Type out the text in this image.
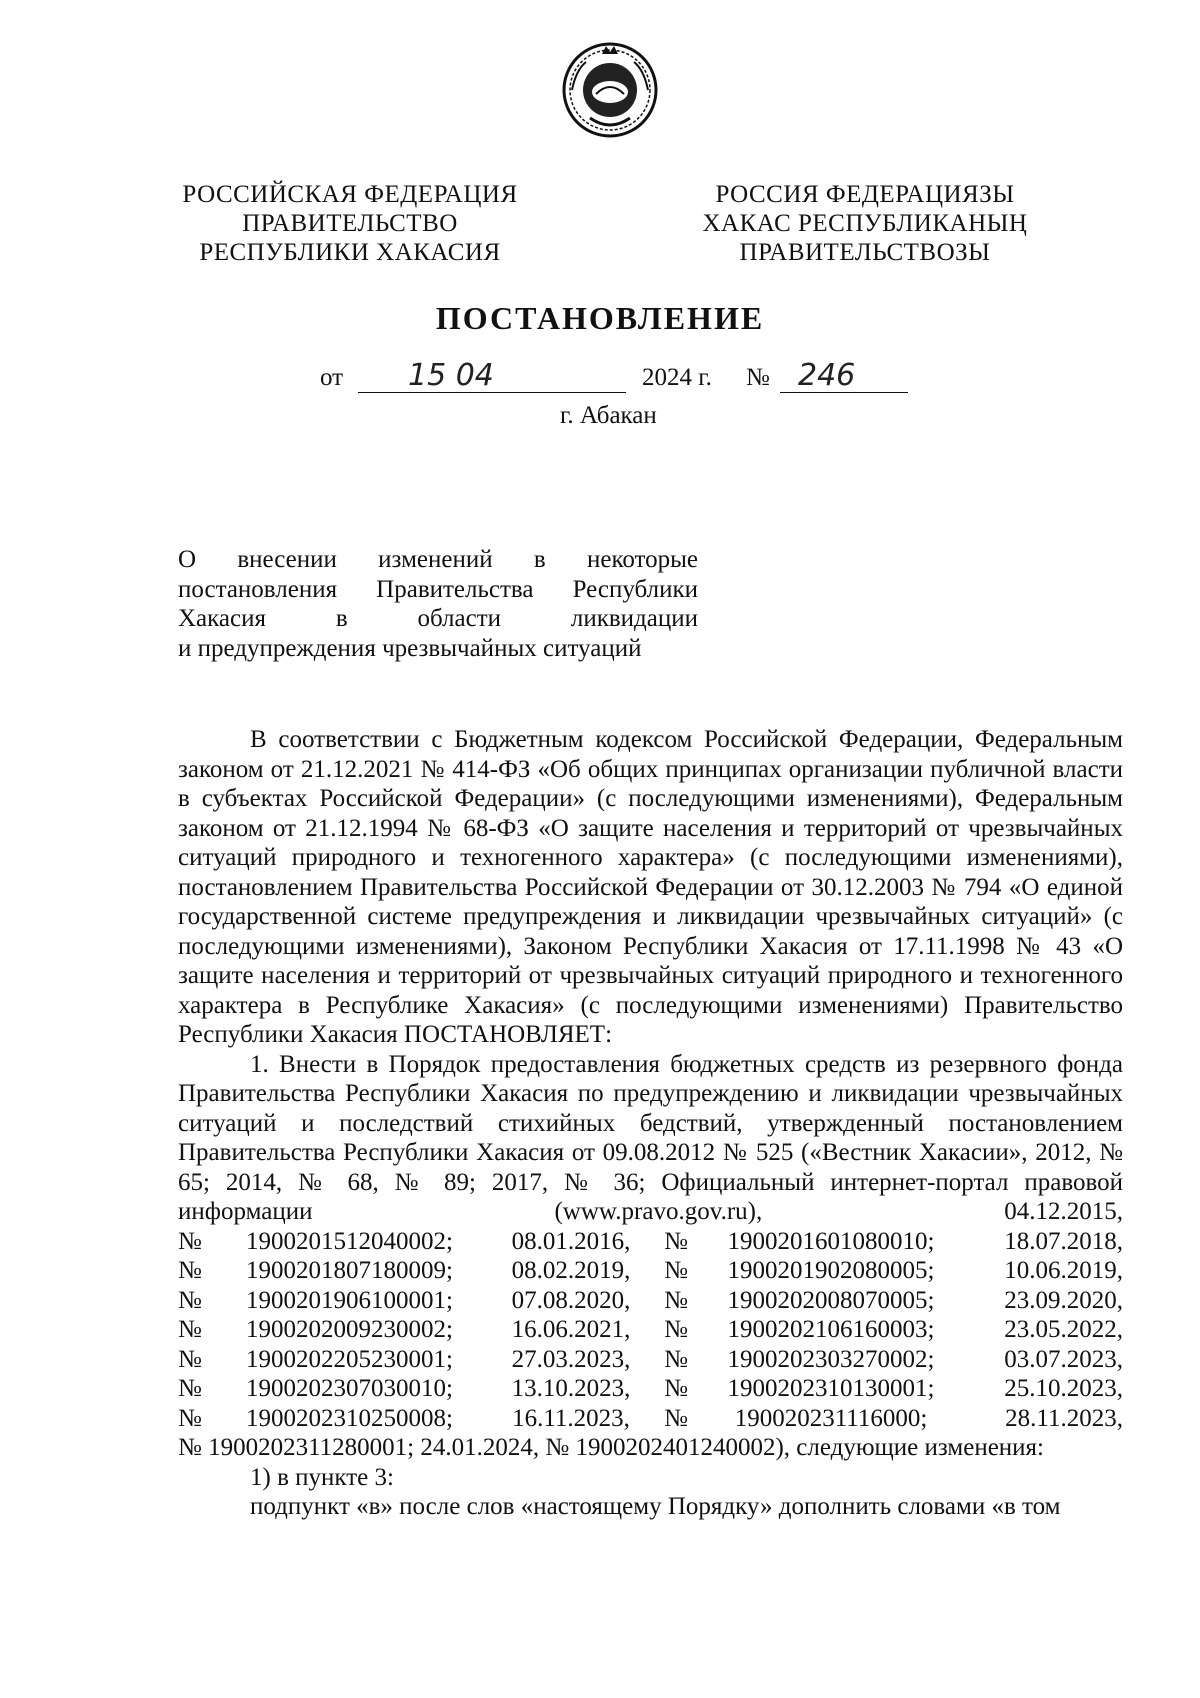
РОССИЙСКАЯ ФЕДЕРАЦИЯ
ПРАВИТЕЛЬСТВО
РЕСПУБЛИКИ ХАКАСИЯ
РОССИЯ ФЕДЕРАЦИЯЗЫ
ХАКАС РЕСПУБЛИКАНЫҢ
ПРАВИТЕЛЬСТВОЗЫ
ПОСТАНОВЛЕНИЕ
от 15 04	2024 г. № 246
г. Абакан
О внесении изменений в некоторые
постановления Правительства Республики
Хакасия в области ликвидации
и предупреждения чрезвычайных ситуаций

В соответствии с Бюджетным кодексом Российской Федерации, Федеральным законом от 21.12.2021 № 414-ФЗ «Об общих принципах организации публичной власти в субъектах Российской Федерации» (с последующими изменениями), Федеральным законом от 21.12.1994 № 68-ФЗ «О защите населения и территорий от чрезвычайных ситуаций природного и техногенного характера» (с последующими изменениями), постановлением Правительства Российской Федерации от 30.12.2003 № 794 «О единой государственной системе предупреждения и ликвидации чрезвычайных ситуаций» (с последующими изменениями), Законом Республики Хакасия от 17.11.1998 № 43 «О защите населения и территорий от чрезвычайных ситуаций природного и техногенного характера в Республике Хакасия» (с последующими изменениями) Правительство Республики Хакасия ПОСТАНОВЛЯЕТ:

1. Внести в Порядок предоставления бюджетных средств из резервного фонда Правительства Республики Хакасия по предупреждению и ликвидации чрезвычайных ситуаций и последствий стихийных бедствий, утвержденный постановлением Правительства Республики Хакасия от 09.08.2012 № 525 («Вестник Хакасии», 2012, № 65; 2014, № 68, № 89; 2017, № 36; Официальный интернет-портал правовой информации (www.pravo.gov.ru), 04.12.2015,

№	1900201512040002;	08.01.2016,	№	1900201601080010;	18.07.2018,
№	1900201807180009;	08.02.2019,	№	1900201902080005;	10.06.2019,
№	1900201906100001;	07.08.2020,	№	1900202008070005;	23.09.2020,
№	1900202009230002;	16.06.2021,	№	1900202106160003;	23.05.2022,
№	1900202205230001;	27.03.2023,	№	1900202303270002;	03.07.2023,
№	1900202307030010;	13.10.2023,	№	1900202310130001;	25.10.2023,
№	1900202310250008;	16.11.2023,	№	190020231116000;	28.11.2023,

№ 1900202311280001; 24.01.2024, № 1900202401240002), следующие изменения:

1) в пункте 3:

подпункт «в» после слов «настоящему Порядку» дополнить словами «в том
